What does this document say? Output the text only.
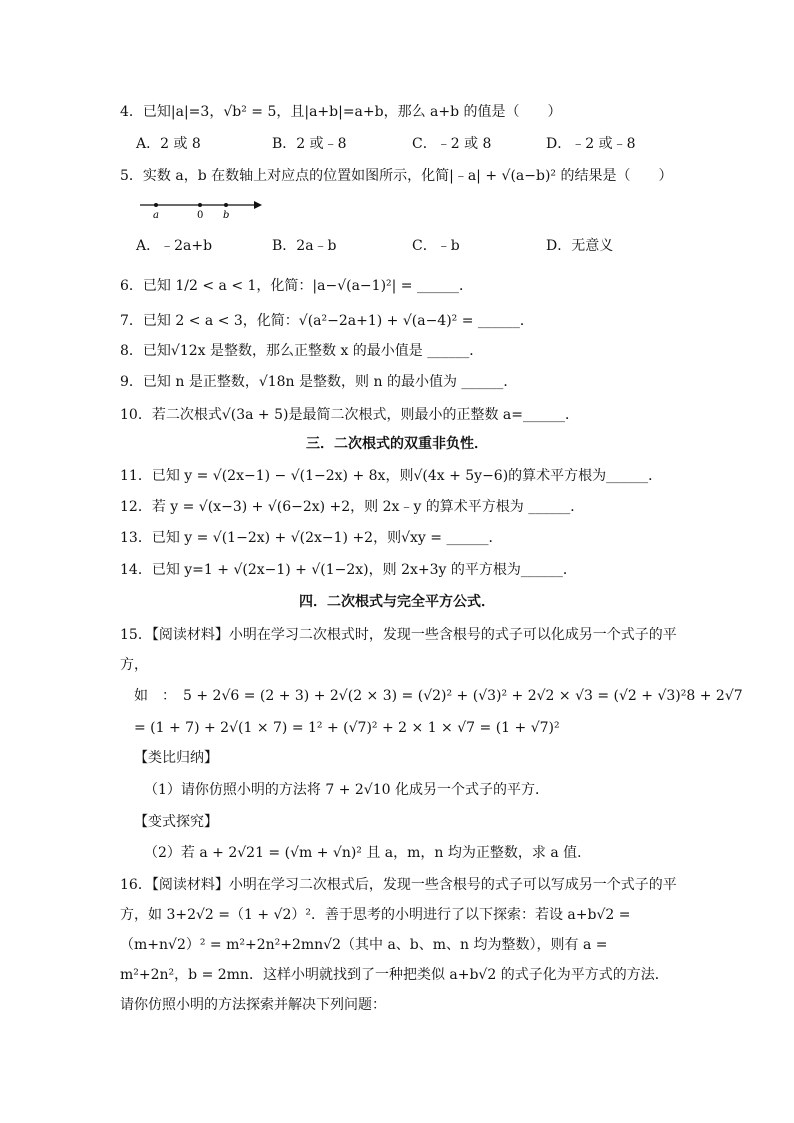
4．已知|a|=3，√b² = 5，且|a+b|=a+b，那么 a+b 的值是（　　）
A．2 或 8	B．2 或﹣8	C．﹣2 或 8	D．﹣2 或﹣8
5．实数 a，b 在数轴上对应点的位置如图所示，化简|﹣a| + √(a−b)² 的结果是（　　）
a	0 b
A．﹣2a+b	B．2a﹣b	C．﹣b	D．无意义
6．已知 1/2 < a < 1，化简：|a−√(a−1)²| = ______．
7．已知 2 < a < 3，化简：√(a²−2a+1) + √(a−4)² = ______．
8．已知√12x 是整数，那么正整数 x 的最小值是 ______．
9．已知 n 是正整数，√18n 是整数，则 n 的最小值为 ______．
10．若二次根式√(3a + 5)是最简二次根式，则最小的正整数 a=______．
三．二次根式的双重非负性．
11．已知 y = √(2x−1) − √(1−2x) + 8x，则√(4x + 5y−6)的算术平方根为______．
12．若 y = √(x−3) + √(6−2x) +2，则 2x﹣y 的算术平方根为 ______．
13．已知 y = √(1−2x) + √(2x−1) +2，则√xy = ______．
14．已知 y=1 + √(2x−1) + √(1−2x)，则 2x+3y 的平方根为______．
四．二次根式与完全平方公式．
15．【阅读材料】小明在学习二次根式时，发现一些含根号的式子可以化成另一个式子的平方，
如　：　5 + 2√6 = (2 + 3) + 2√(2 × 3) = (√2)² + (√3)² + 2√2 × √3 = (√2 + √3)²8 + 2√7
= (1 + 7) + 2√(1 × 7) = 1² + (√7)² + 2 × 1 × √7 = (1 + √7)²
【类比归纳】
（1）请你仿照小明的方法将 7 + 2√10 化成另一个式子的平方．
【变式探究】
（2）若 a + 2√21 = (√m + √n)² 且 a，m，n 均为正整数，求 a 值．
16．【阅读材料】小明在学习二次根式后，发现一些含根号的式子可以写成另一个式子的平方，如 3+2√2 =（1 + √2）²．善于思考的小明进行了以下探索：若设 a+b√2 =（m+n√2）² = m²+2n²+2mn√2（其中 a、b、m、n 均为整数），则有 a = m²+2n²，b = 2mn．这样小明就找到了一种把类似 a+b√2 的式子化为平方式的方法．请你仿照小明的方法探索并解决下列问题：
